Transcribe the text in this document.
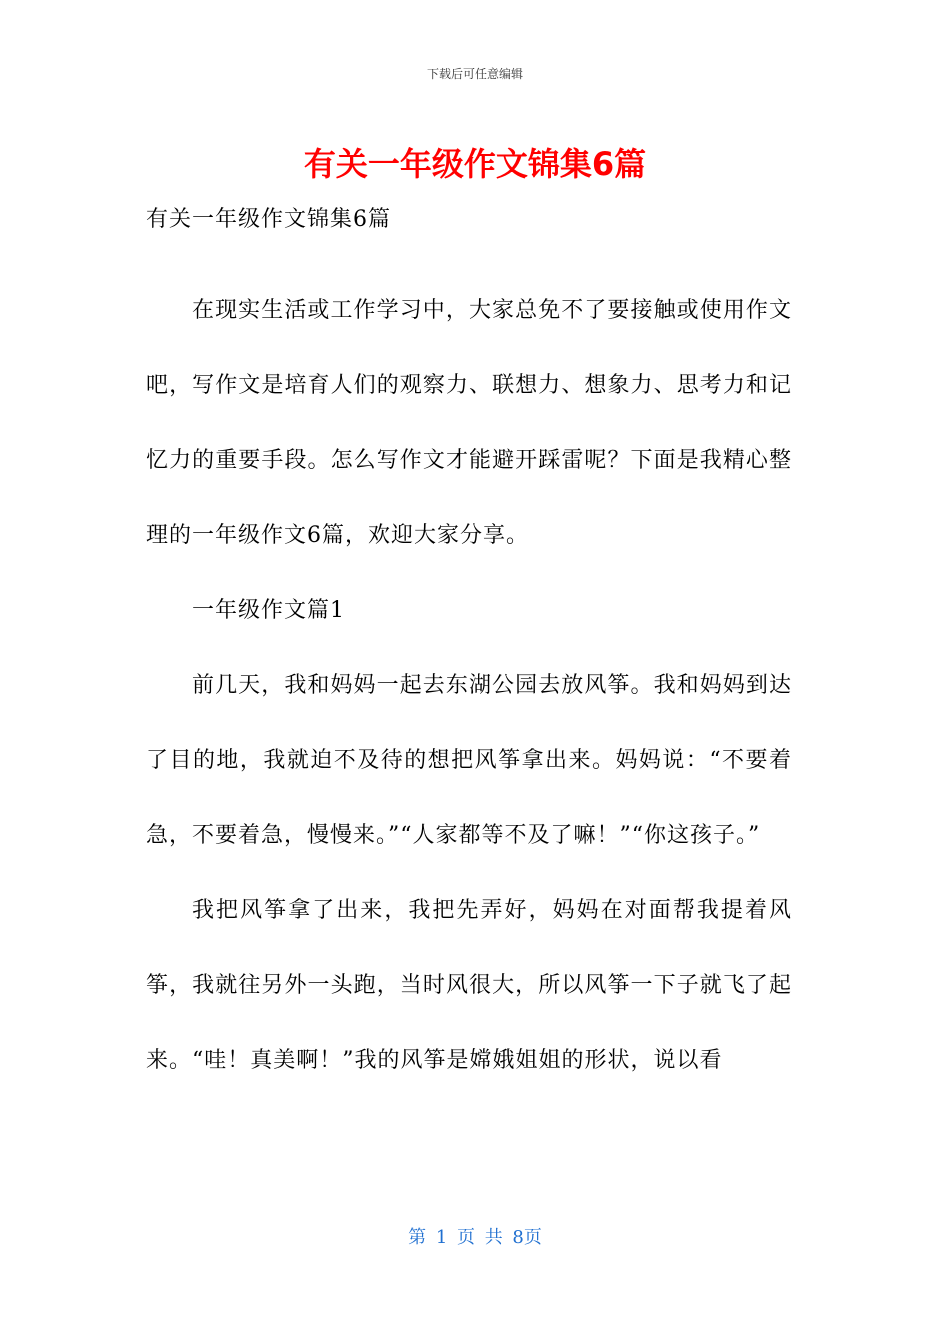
下载后可任意编辑
有关一年级作文锦集6篇

有关一年级作文锦集6篇

在现实生活或工作学习中，大家总免不了要接触或使用作文吧，写作文是培育人们的观察力、联想力、想象力、思考力和记忆力的重要手段。怎么写作文才能避开踩雷呢？下面是我精心整理的一年级作文6篇，欢迎大家分享。

一年级作文篇1

前几天，我和妈妈一起去东湖公园去放风筝。我和妈妈到达了目的地，我就迫不及待的想把风筝拿出来。妈妈说：“不要着急，不要着急，慢慢来。”“人家都等不及了嘛！”“你这孩子。”

我把风筝拿了出来，我把先弄好，妈妈在对面帮我提着风筝，我就往另外一头跑，当时风很大，所以风筝一下子就飞了起来。“哇！真美啊！”我的风筝是嫦娥姐姐的形状，说以看

第 1 页 共 8页
